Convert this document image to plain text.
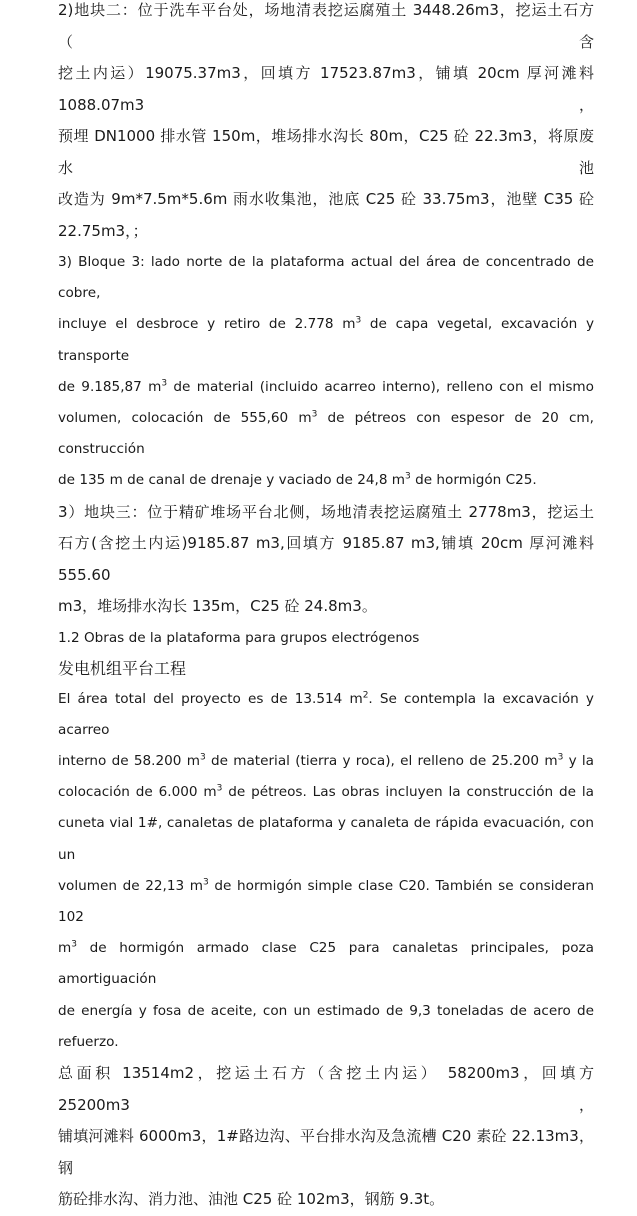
2)地块二：位于洗车平台处，场地清表挖运腐殖土 3448.26m3，挖运土石方（含

挖土内运）19075.37m3，回填方 17523.87m3，铺填 20cm 厚河滩料 1088.07m3，

预埋 DN1000 排水管 150m，堆场排水沟长 80m，C25 砼 22.3m3，将原废水池

改造为 9m*7.5m*5.6m 雨水收集池，池底 C25 砼 33.75m3，池壁 C35 砼

22.75m3，；

3) Bloque 3: lado norte de la plataforma actual del área de concentrado de cobre,

incluye el desbroce y retiro de 2.778 $m^3$ de capa vegetal, excavación y transporte

de 9.185,87 $m^3$ de material (incluido acarreo interno), relleno con el mismo

volumen, colocación de 555,60 $m^3$ de pétreos con espesor de 20 cm, construcción

de 135 m de canal de drenaje y vaciado de 24,8 $m^3$ de hormigón C25.

3）地块三：位于精矿堆场平台北侧，场地清表挖运腐殖土 2778m3，挖运土

石方(含挖土内运)9185.87 m3,回填方 9185.87 m3,铺填 20cm 厚河滩料 555.60

m3，堆场排水沟长 135m，C25 砼 24.8m3。

1.2 Obras de la plataforma para grupos electrógenos

发电机组平台工程

El área total del proyecto es de 13.514 $m^2$. Se contempla la excavación y acarreo

interno de 58.200 $m^3$ de material (tierra y roca), el relleno de 25.200 $m^3$ y la

colocación de 6.000 $m^3$ de pétreos. Las obras incluyen la construcción de la

cuneta vial 1#, canaletas de plataforma y canaleta de rápida evacuación, con un

volumen de 22,13 $m^3$ de hormigón simple clase C20. También se consideran 102

$m^3$ de hormigón armado clase C25 para canaletas principales, poza amortiguación

de energía y fosa de aceite, con un estimado de 9,3 toneladas de acero de

refuerzo.

总面积 13514m2，挖运土石方（含挖土内运） 58200m3，回填方 25200m3，

铺填河滩料 6000m3，1#路边沟、平台排水沟及急流槽 C20 素砼 22.13m3，钢

筋砼排水沟、消力池、油池 C25 砼 102m3，钢筋 9.3t。
